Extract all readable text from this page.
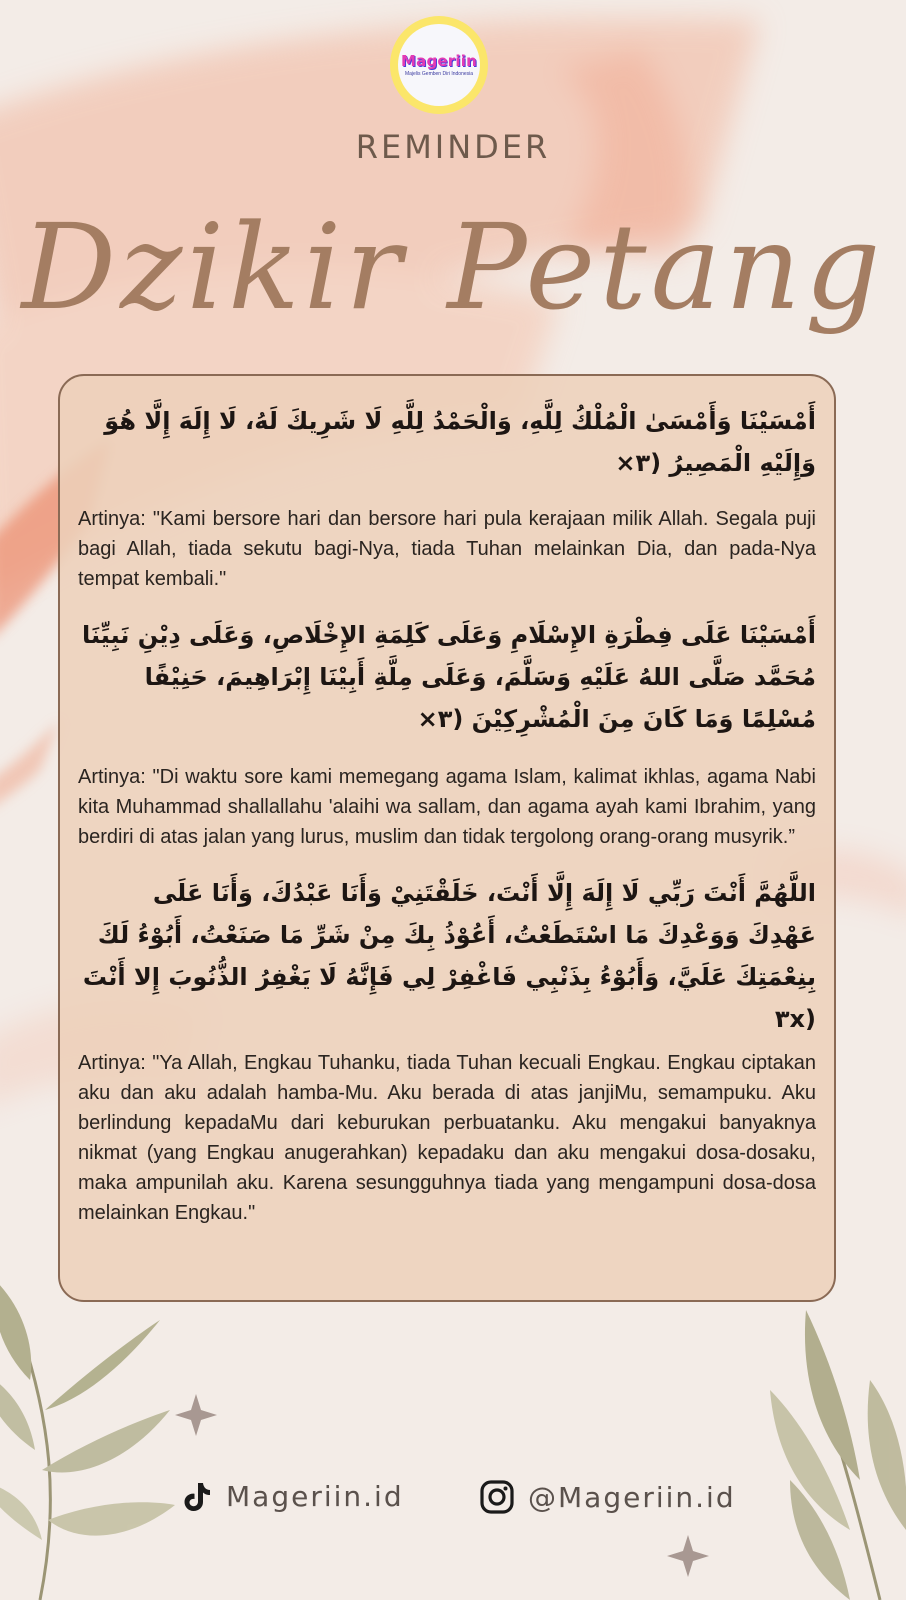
Mageriin
Majelis Gemben Diri Indonesia
REMINDER
Dzikir Petang

أَمْسَيْنَا وَأَمْسَىٰ الْمُلْكُ لِلَّهِ، وَالْحَمْدُ لِلَّهِ لَا شَرِيكَ لَهُ، لَا إِلَهَ إِلَّا هُوَ وَإِلَيْهِ الْمَصِيرُ (٣×

Artinya: "Kami bersore hari dan bersore hari pula kerajaan milik Allah. Segala puji bagi Allah, tiada sekutu bagi-Nya, tiada Tuhan melainkan Dia, dan pada-Nya tempat kembali."

أَمْسَيْنَا عَلَى فِطْرَةِ الإِسْلَامِ وَعَلَى كَلِمَةِ الإِخْلَاصِ، وَعَلَى دِيْنِ نَبِيِّنَا مُحَمَّد صَلَّى اللهُ عَلَيْهِ وَسَلَّمَ، وَعَلَى مِلَّةِ أَبِيْنَا إِبْرَاهِيمَ، حَنِيْفًا مُسْلِمًا وَمَا كَانَ مِنَ الْمُشْرِكِيْنَ (٣×

Artinya: "Di waktu sore kami memegang agama Islam, kalimat ikhlas, agama Nabi kita Muhammad shallallahu 'alaihi wa sallam, dan agama ayah kami Ibrahim, yang berdiri di atas jalan yang lurus, muslim dan tidak tergolong orang-orang musyrik.”

اللَّهُمَّ أَنْتَ رَبِّي لَا إِلَهَ إِلَّا أَنْتَ، خَلَقْتَنِيْ وَأَنَا عَبْدُكَ، وَأَنَا عَلَى عَهْدِكَ وَوَعْدِكَ مَا اسْتَطَعْتُ، أَعُوْذُ بِكَ مِنْ شَرِّ مَا صَنَعْتُ، أَبُوْءُ لَكَ بِنِعْمَتِكَ عَلَيَّ، وَأَبُوْءُ بِذَنْبِي فَاغْفِرْ لِي فَإِنَّهُ لَا يَغْفِرُ الذُّنُوبَ إِلا أَنْتَ (٣x

Artinya: "Ya Allah, Engkau Tuhanku, tiada Tuhan kecuali Engkau. Engkau ciptakan aku dan aku adalah hamba-Mu. Aku berada di atas janjiMu, semampuku. Aku berlindung kepadaMu dari keburukan perbuatanku. Aku mengakui banyaknya nikmat (yang Engkau anugerahkan) kepadaku dan aku mengakui dosa-dosaku, maka ampunilah aku. Karena sesungguhnya tiada yang mengampuni dosa-dosa melainkan Engkau."

Mageriin.id	@Mageriin.id
